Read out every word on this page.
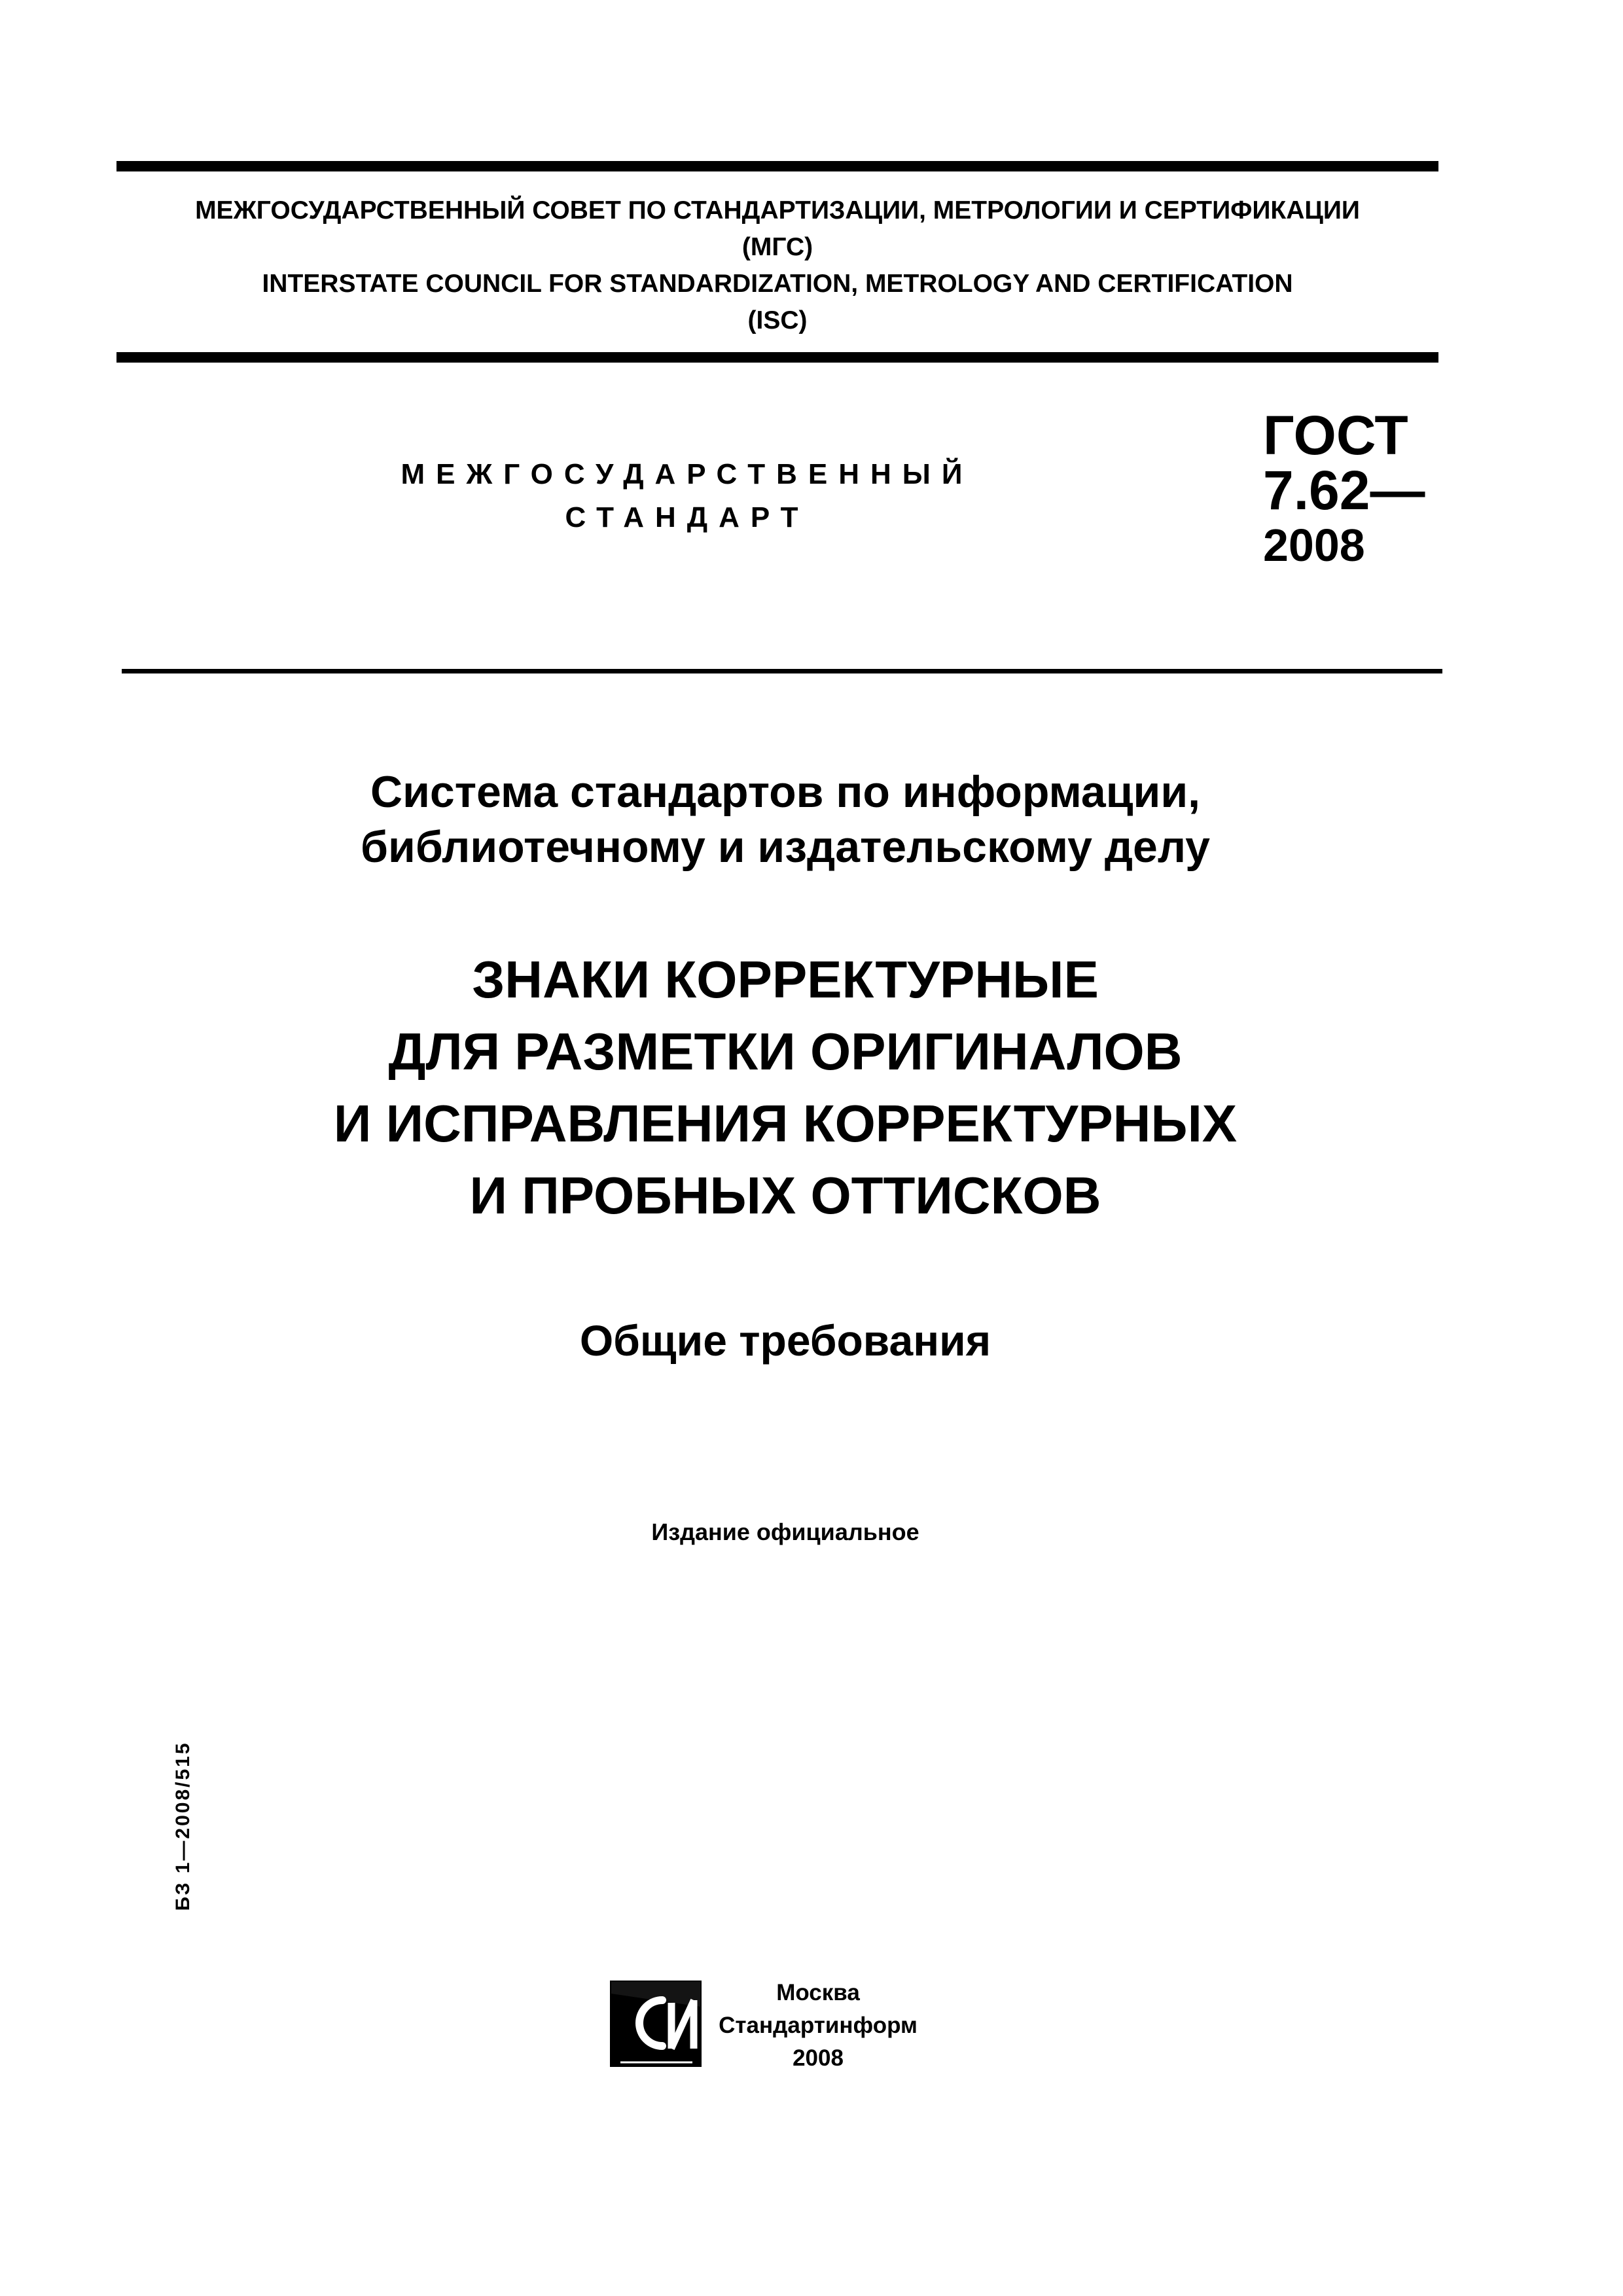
МЕЖГОСУДАРСТВЕННЫЙ СОВЕТ ПО СТАНДАРТИЗАЦИИ, МЕТРОЛОГИИ И СЕРТИФИКАЦИИ
(МГС)
INTERSTATE COUNCIL FOR STANDARDIZATION, METROLOGY AND CERTIFICATION
(ISC)
МЕЖГОСУДАРСТВЕННЫЙ
СТАНДАРТ
ГОСТ
7.62—
2008
Система стандартов по информации,
библиотечному и издательскому делу
ЗНАКИ КОРРЕКТУРНЫЕ
ДЛЯ РАЗМЕТКИ ОРИГИНАЛОВ
И ИСПРАВЛЕНИЯ КОРРЕКТУРНЫХ
И ПРОБНЫХ ОТТИСКОВ
Общие требования
Издание официальное
БЗ 1—2008/515
Москва
Стандартинформ
2008
